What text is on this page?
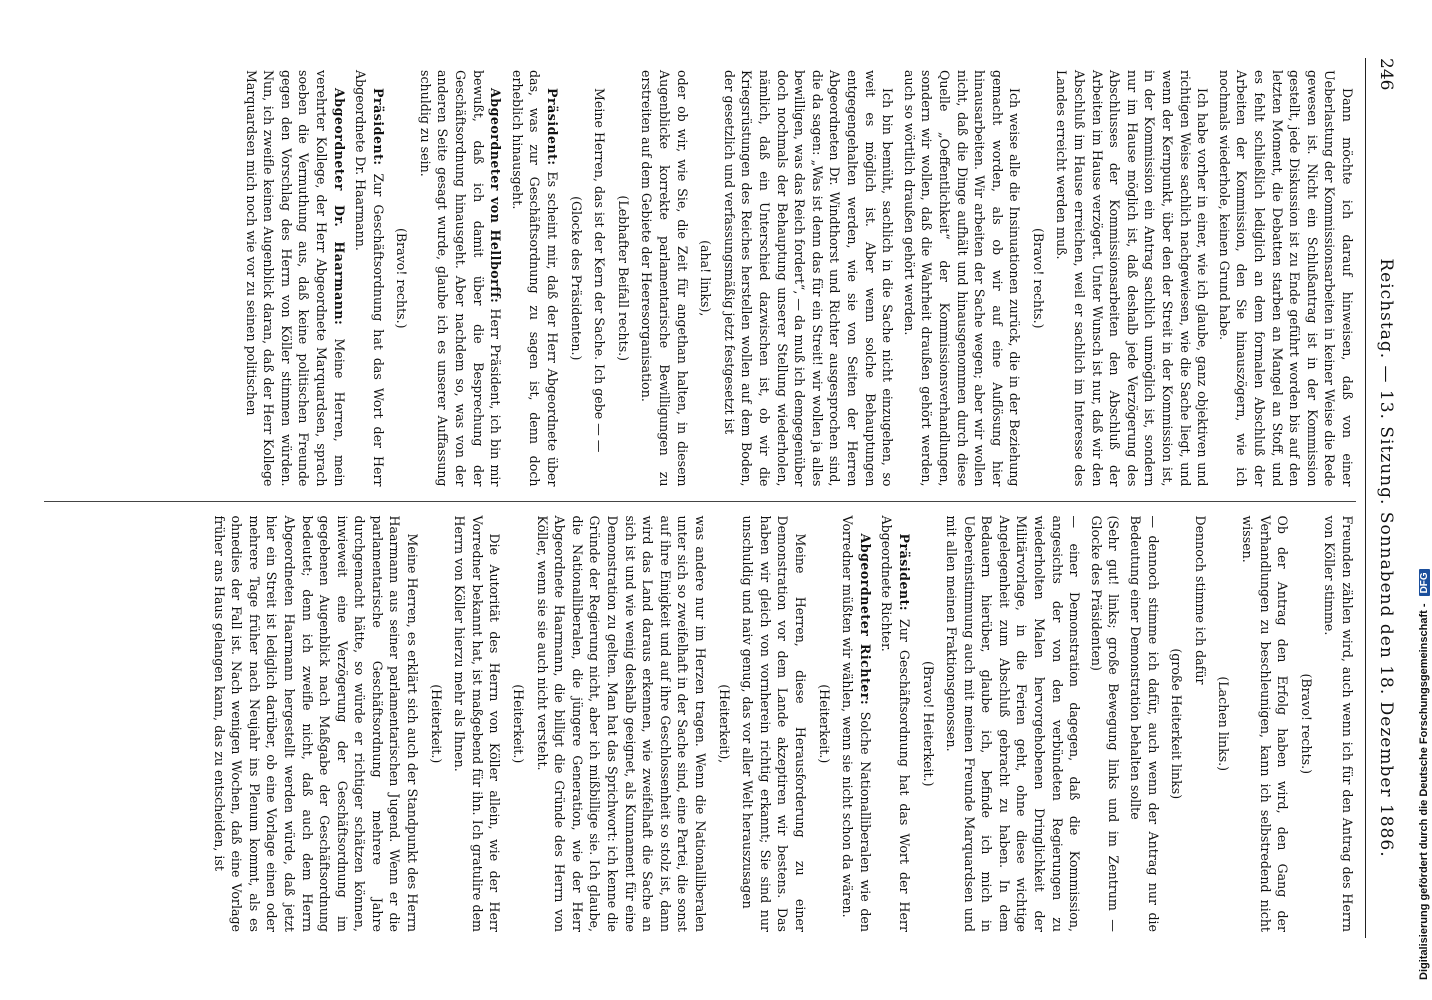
246
Reichstag. — 13. Sitzung. Sonnabend den 18. Dezember 1886.

Dann möchte ich darauf hinweisen, daß von einer Ueberlastung der Kommissionsarbeiten in keiner Weise die Rede gewesen ist. Nicht ein Schlußantrag ist in der Kommission gestellt, jede Diskussion ist zu Ende geführt worden bis auf den letzten Moment, die Debatten starben an Mangel an Stoff, und es fehlt schließlich lediglich an dem formalen Abschluß der Arbeiten der Kommission, den Sie hinauszögern, wie ich nochmals wiederhole, keinen Grund habe.

Ich habe vorher in einer, wie ich glaube, ganz objektiven und richtigen Weise sachlich nachgewiesen, wie die Sache liegt, und wenn der Kernpunkt, über den der Streit in der Kommission ist, in der Kommission ein Antrag sachlich unmöglich ist, sondern nur im Hause möglich ist, daß deshalb jede Verzögerung des Abschlusses der Kommissionsarbeiten den Abschluß der Arbeiten im Hause verzögert. Unter Wunsch ist nur, daß wir den Abschluß im Hause erreichen, weil er sachlich im Interesse des Landes erreicht werden muß.

(Bravo! rechts.)

Ich weise alle die Insinuationen zurück, die in der Beziehung gemacht worden, als ob wir auf eine Auflösung hier hinausarbeiten. Wir arbeiten der Sache wegen; aber wir wollen nicht, daß die Dinge aufhält und hinausgenommen durch diese Quelle „Oeffentlichkeit“ der Kommissionsverhandlungen, sondern wir wollen, daß die Wahrheit draußen gehört werden, auch so wörtlich draußen gehört werden.

Ich bin bemüht, sachlich in die Sache nicht einzugehen, so weit es möglich ist. Aber wenn solche Behauptungen entgegengehalten werden, wie sie von Seiten der Herren Abgeordneten Dr. Windthorst und Richter ausgesprochen sind, die da sagen: „Was ist denn das für ein Streit! wir wollen ja alles bewilligen, was das Reich fordert“, — da muß ich demgegenüber doch nochmals der Behauptung unserer Stellung wiederholen, nämlich, daß ein Unterschied dazwischen ist, ob wir die Kriegsrüstungen des Reiches herstellen wollen auf dem Boden, der gesetzlich und verfassungsmäßig jetzt festgesetzt ist

(aha! links),

oder ob wir, wie Sie, die Zeit für angethan halten, in diesem Augenblicke korrekte parlamentarische Bewilligungen zu erstreiten auf dem Gebiete der Heeresorganisation.

(Lebhafter Beifall rechts.)

Meine Herren, das ist der Kern der Sache. Ich gebe — —

(Glocke des Präsidenten.)

Präsident: Es scheint mir, daß der Herr Abgeordnete über das, was zur Geschäftsordnung zu sagen ist, denn doch erheblich hinausgeht.

Abgeordneter von Hellborff: Herr Präsident, ich bin mir bewußt, daß ich damit über die Besprechung der Geschäftsordnung hinausgeht. Aber nachdem so, was von der anderen Seite gesagt wurde, glaube ich es unserer Auffassung schuldig zu sein.

(Bravo! rechts.)

Präsident: Zur Geschäftsordnung hat das Wort der Herr Abgeordnete Dr. Haarmann.

Abgeordneter Dr. Haarmann: Meine Herren, mein verehrter Kollege, der Herr Abgeordnete Marquardsen, sprach soeben die Vermuthung aus, daß keine politischen Freunde gegen den Vorschlag des Herrn von Köller stimmen würden. Nun, ich zweifle keinen Augenblick daran, daß der Herr Kollege Marquardsen mich noch wie vor zu seinen politischen

Freunden zählen wird, auch wenn ich für den Antrag des Herrn von Köller stimme.

(Bravo! rechts.)

Ob der Antrag den Erfolg haben wird, den Gang der Verhandlungen zu beschleunigen, kann ich selbstredend nicht wissen.

(Lachen links.)

Dennoch stimme ich dafür

(große Heiterkeit links)

— dennoch stimme ich dafür, auch wenn der Antrag nur die Bedeutung einer Demonstration behalten sollte

(Sehr gut! links; große Bewegung links und im Zentrum — Glocke des Präsidenten)

— einer Demonstration dagegen, daß die Kommission, angesichts der von den verbündeten Regierungen zu wiederholten Malen hervorgehobenen Dringlichkeit der Militärvorlage, in die Ferien geht, ohne diese wichtige Angelegenheit zum Abschluß gebracht zu haben. In dem Bedauern hierüber, glaube ich, befinde ich mich in Uebereinstimmung auch mit meinen Freunde Marquardsen und mit allen meinen Fraktionsgenossen.

(Bravo! Heiterkeit.)

Präsident: Zur Geschäftsordnung hat das Wort der Herr Abgeordnete Richter.

Abgeordneter Richter: Solche Nationalliberalen wie den Vorredner müßten wir wählen, wenn sie nicht schon da wären.

(Heiterkeit.)

Meine Herren, diese Herausforderung zu einer Demonstration vor dem Lande akzeptiren wir bestens. Das haben wir gleich von vornherein richtig erkannt; Sie sind nur unschuldig und naiv genug, das vor aller Welt herauszusagen

(Heiterkeit),

was andere nur im Herzen tragen. Wenn die Nationalliberalen unter sich so zweifelhaft in der Sache sind, eine Partei, die sonst auf ihre Einigkeit und auf ihre Geschlossenheit so stolz ist, dann wird das Land daraus erkennen, wie zweifelhaft die Sache an sich ist und wie wenig deshalb geeignet, als Kunnament für eine Demonstration zu gelten. Man hat das Sprichwort: ich kenne die Gründe der Regierung nicht, aber ich mißbillige sie. Ich glaube, die Nationalliberalen, die jüngere Generation, wie der Herr Abgeordnete Haarmann, die billigt die Gründe des Herrn von Köller, wenn sie sie auch nicht versteht.

(Heiterkeit.)

Die Autorität des Herrn von Köller allein, wie der Herr Vorredner bekannt hat, ist maßgebend für ihn. Ich gratulire dem Herrn von Köller hierzu mehr als Ihnen.

(Heiterkeit.)

Meine Herren, es erklärt sich auch der Standpunkt des Herrn Haarmann aus seiner parlamentarischen Jugend. Wenn er die parlamentarische Geschäftsordnung mehrere Jahre durchgemacht hätte, so würde er richtiger schätzen können, inwieweit eine Verzögerung der Geschäftsordnung im gegebenen Augenblick nach Maßgabe der Geschäftsordnung bedeutet; denn ich zweifle nicht, daß auch dem Herrn Abgeordneten Haarmann hergestellt werden würde, daß jetzt hier ein Streit ist lediglich darüber, ob eine Vorlage einen oder mehrere Tage früher nach Neujahr ins Plenum kommt, als es ohnedies der Fall ist. Nach wenigen Wochen, daß eine Vorlage früher ans Haus gelangen kann, das zu entscheiden, ist	Digitalisierung gefördert durch die Deutsche Forschungsgemeinschaft - DFG
